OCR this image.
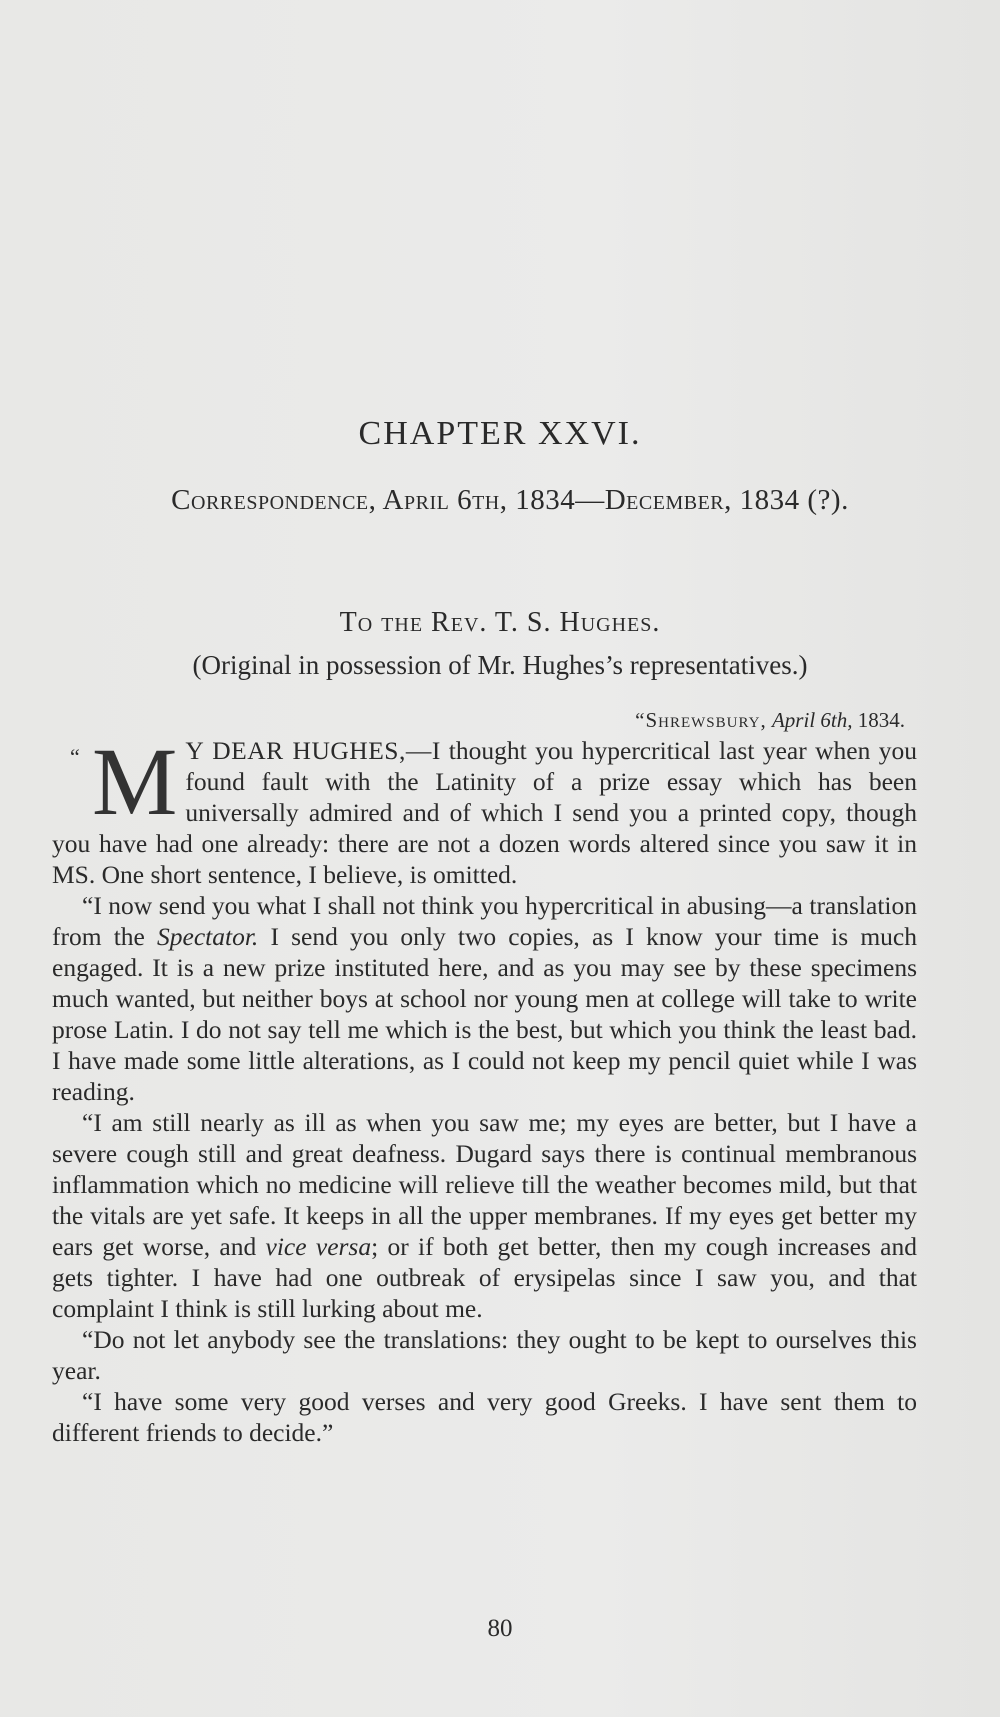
CHAPTER XXVI.
Correspondence, April 6th, 1834—December, 1834 (?).
To the Rev. T. S. Hughes.
(Original in possession of Mr. Hughes’s representatives.)
“Shrewsbury, April 6th, 1834.

“ M Y DEAR HUGHES,—I thought you hypercritical last year when you found fault with the Latinity of a prize essay which has been universally admired and of which I send you a printed copy, though you have had one already: there are not a dozen words altered since you saw it in MS. One short sentence, I believe, is omitted.

“I now send you what I shall not think you hypercritical in abusing—a translation from the Spectator. I send you only two copies, as I know your time is much engaged. It is a new prize instituted here, and as you may see by these specimens much wanted, but neither boys at school nor young men at college will take to write prose Latin. I do not say tell me which is the best, but which you think the least bad. I have made some little alterations, as I could not keep my pencil quiet while I was reading.

“I am still nearly as ill as when you saw me; my eyes are better, but I have a severe cough still and great deafness. Dugard says there is continual membranous inflammation which no medicine will relieve till the weather becomes mild, but that the vitals are yet safe. It keeps in all the upper membranes. If my eyes get better my ears get worse, and vice versa; or if both get better, then my cough increases and gets tighter. I have had one outbreak of erysipelas since I saw you, and that complaint I think is still lurking about me.

“Do not let anybody see the translations: they ought to be kept to ourselves this year.

“I have some very good verses and very good Greeks. I have sent them to different friends to decide.”

80
